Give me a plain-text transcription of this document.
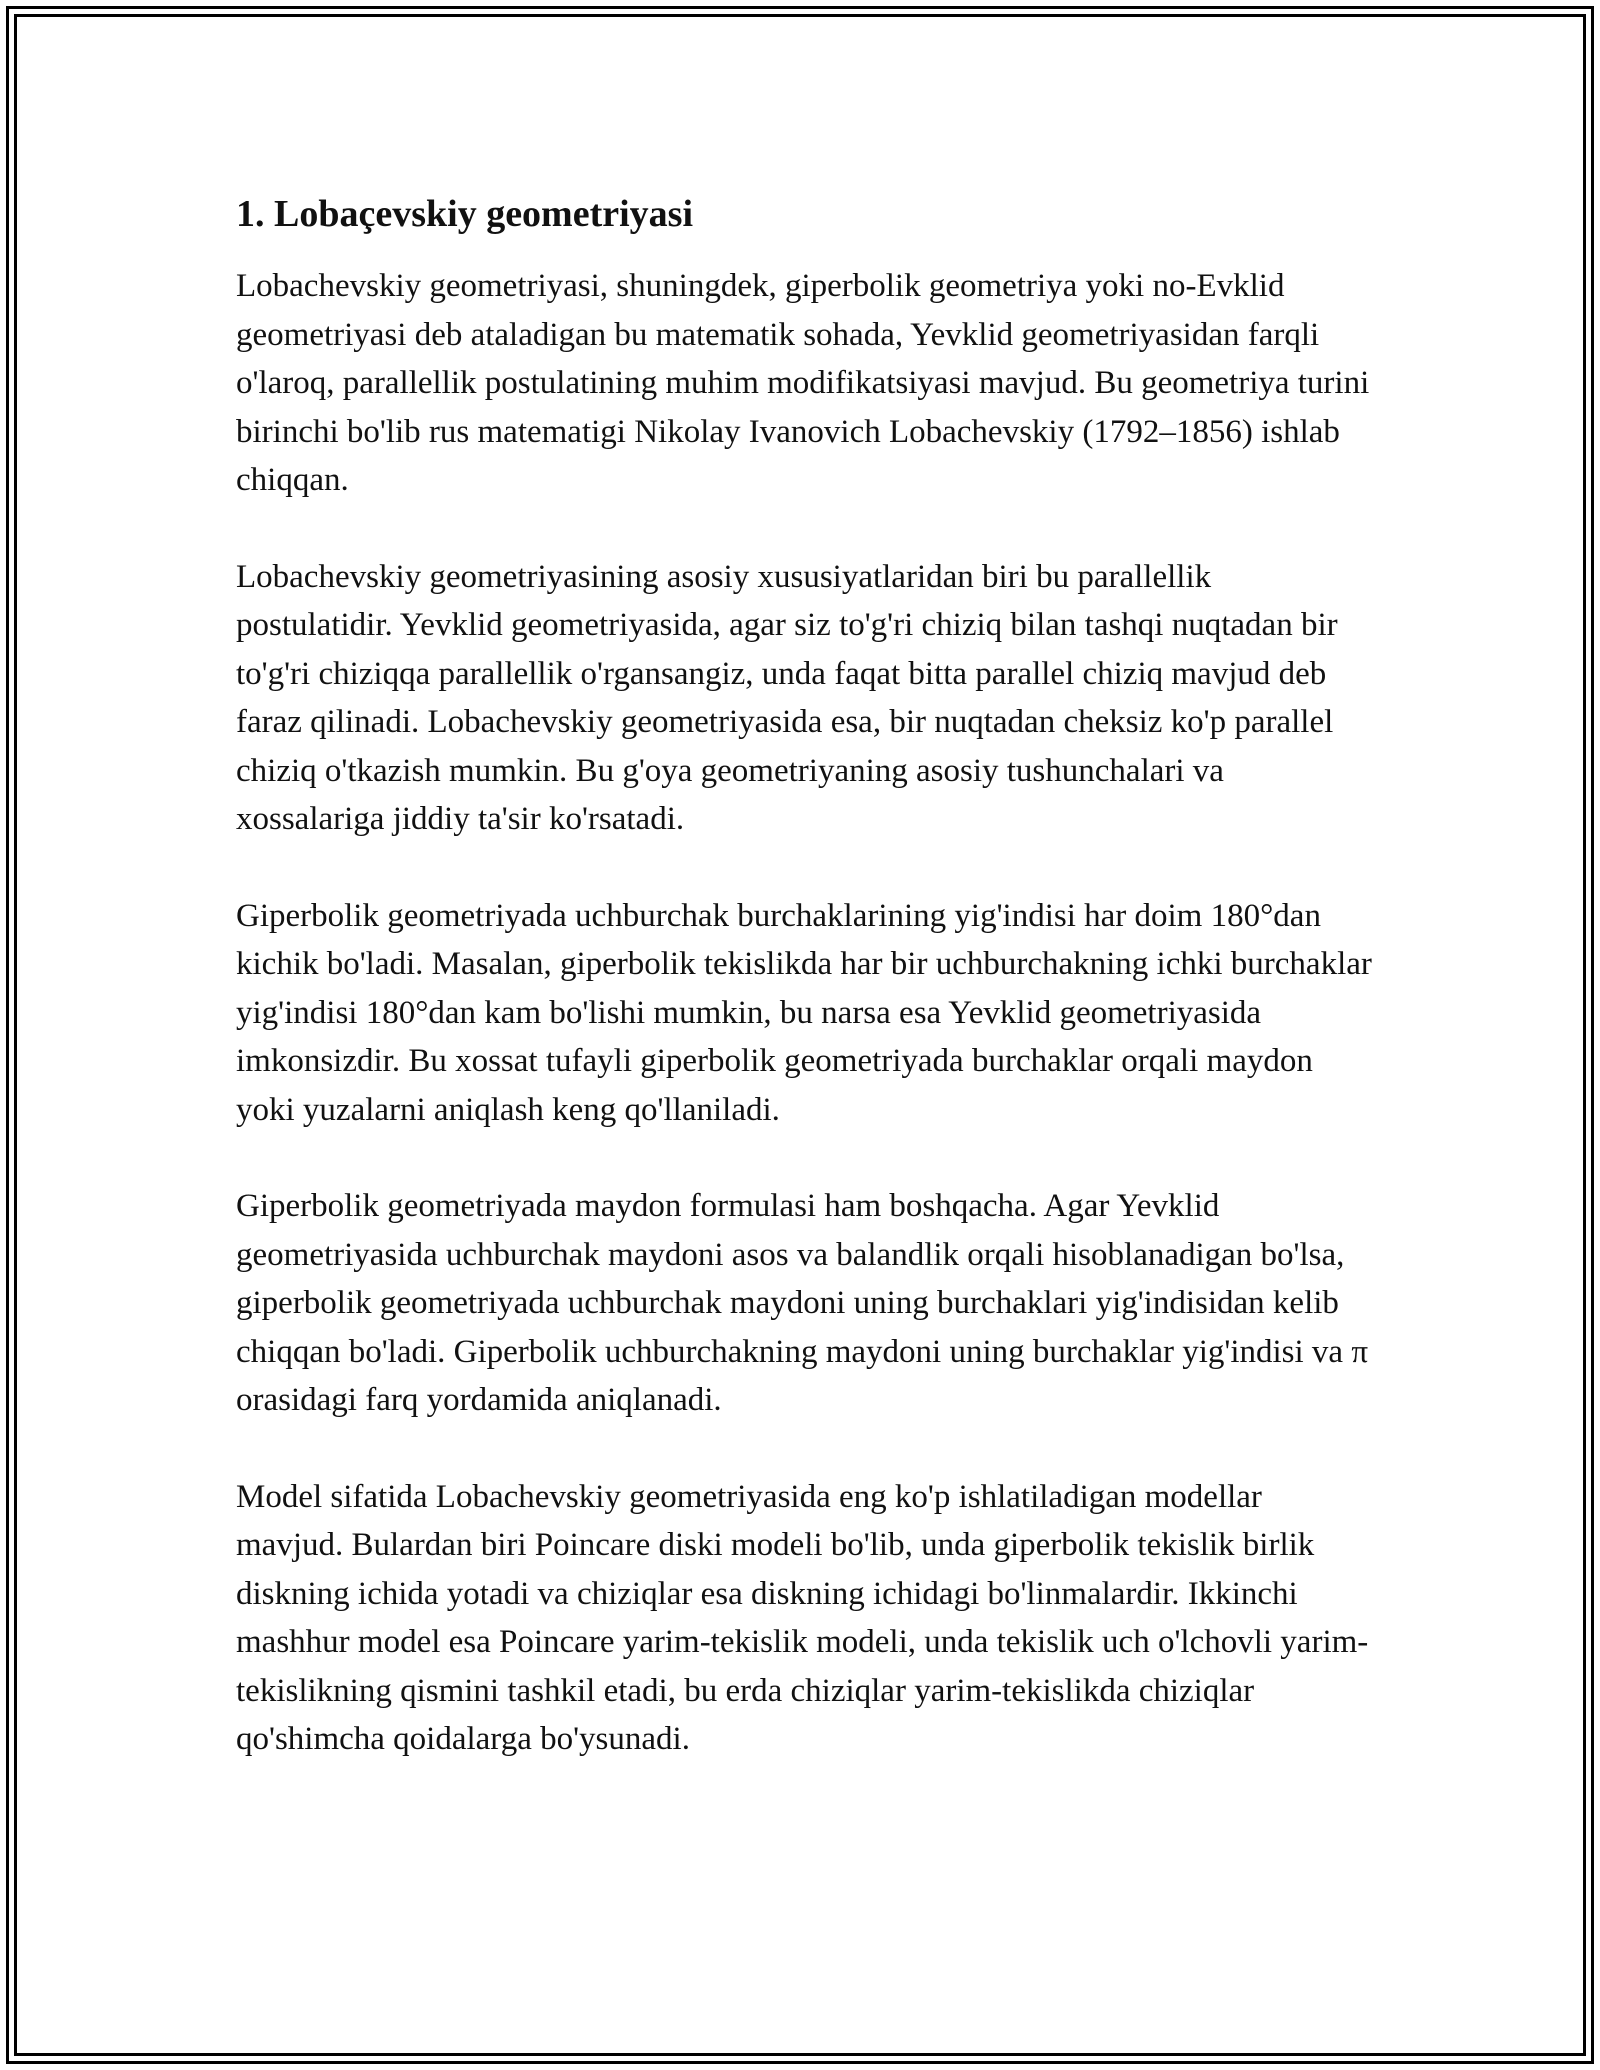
1. Lobaçevskiy geometriyasi

Lobachevskiy geometriyasi, shuningdek, giperbolik geometriya yoki no-Evklid geometriyasi deb ataladigan bu matematik sohada, Yevklid geometriyasidan farqli o'laroq, parallellik postulatining muhim modifikatsiyasi mavjud. Bu geometriya turini birinchi bo'lib rus matematigi Nikolay Ivanovich Lobachevskiy (1792–1856) ishlab chiqqan.

Lobachevskiy geometriyasining asosiy xususiyatlaridan biri bu parallellik postulatidir. Yevklid geometriyasida, agar siz to'g'ri chiziq bilan tashqi nuqtadan bir to'g'ri chiziqqa parallellik o'rgansangiz, unda faqat bitta parallel chiziq mavjud deb faraz qilinadi. Lobachevskiy geometriyasida esa, bir nuqtadan cheksiz ko'p parallel chiziq o'tkazish mumkin. Bu g'oya geometriyaning asosiy tushunchalari va xossalariga jiddiy ta'sir ko'rsatadi.

Giperbolik geometriyada uchburchak burchaklarining yig'indisi har doim 180°dan kichik bo'ladi. Masalan, giperbolik tekislikda har bir uchburchakning ichki burchaklar yig'indisi 180°dan kam bo'lishi mumkin, bu narsa esa Yevklid geometriyasida imkonsizdir. Bu xossat tufayli giperbolik geometriyada burchaklar orqali maydon yoki yuzalarni aniqlash keng qo'llaniladi.

Giperbolik geometriyada maydon formulasi ham boshqacha. Agar Yevklid geometriyasida uchburchak maydoni asos va balandlik orqali hisoblanadigan bo'lsa, giperbolik geometriyada uchburchak maydoni uning burchaklari yig'indisidan kelib chiqqan bo'ladi. Giperbolik uchburchakning maydoni uning burchaklar yig'indisi va π orasidagi farq yordamida aniqlanadi.

Model sifatida Lobachevskiy geometriyasida eng ko'p ishlatiladigan modellar mavjud. Bulardan biri Poincare diski modeli bo'lib, unda giperbolik tekislik birlik diskning ichida yotadi va chiziqlar esa diskning ichidagi bo'linmalardir. Ikkinchi mashhur model esa Poincare yarim-tekislik modeli, unda tekislik uch o'lchovli yarim-tekislikning qismini tashkil etadi, bu erda chiziqlar yarim-tekislikda chiziqlar qo'shimcha qoidalarga bo'ysunadi.
